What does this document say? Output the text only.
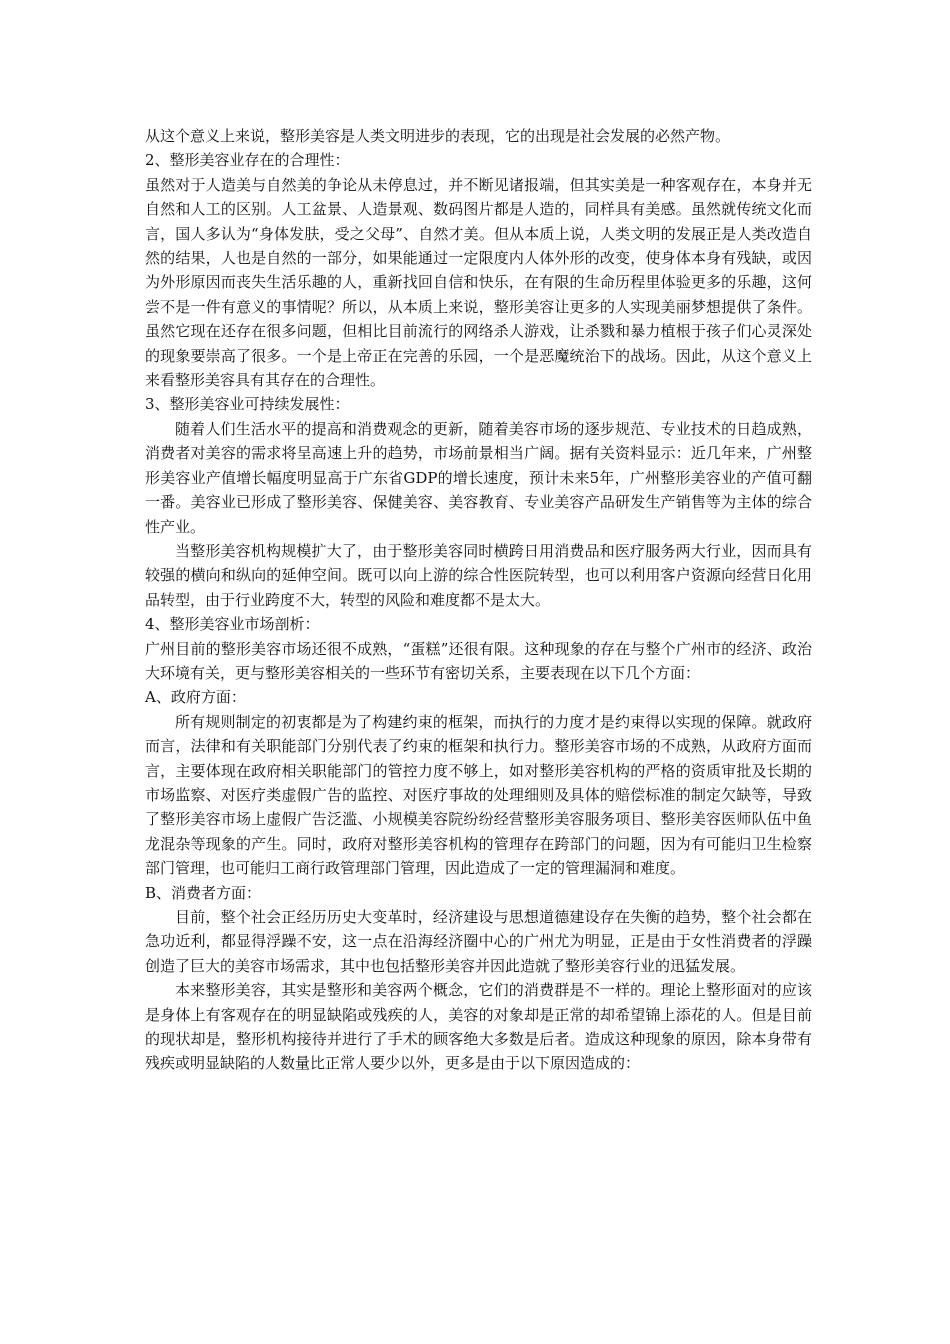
从这个意义上来说，整形美容是人类文明进步的表现，它的出现是社会发展的必然产物。

2、整形美容业存在的合理性：

虽然对于人造美与自然美的争论从未停息过，并不断见诸报端，但其实美是一种客观存在，本身并无自然和人工的区别。人工盆景、人造景观、数码图片都是人造的，同样具有美感。虽然就传统文化而言，国人多认为“身体发肤，受之父母”、自然才美。但从本质上说，人类文明的发展正是人类改造自然的结果，人也是自然的一部分，如果能通过一定限度内人体外形的改变，使身体本身有残缺，或因为外形原因而丧失生活乐趣的人，重新找回自信和快乐，在有限的生命历程里体验更多的乐趣，这何尝不是一件有意义的事情呢？所以，从本质上来说，整形美容让更多的人实现美丽梦想提供了条件。虽然它现在还存在很多问题，但相比目前流行的网络杀人游戏，让杀戮和暴力植根于孩子们心灵深处的现象要崇高了很多。一个是上帝正在完善的乐园，一个是恶魔统治下的战场。因此，从这个意义上来看整形美容具有其存在的合理性。

3、整形美容业可持续发展性：

随着人们生活水平的提高和消费观念的更新，随着美容市场的逐步规范、专业技术的日趋成熟，消费者对美容的需求将呈高速上升的趋势，市场前景相当广阔。据有关资料显示：近几年来，广州整形美容业产值增长幅度明显高于广东省GDP的增长速度，预计未来5年，广州整形美容业的产值可翻一番。美容业已形成了整形美容、保健美容、美容教育、专业美容产品研发生产销售等为主体的综合性产业。

当整形美容机构规模扩大了，由于整形美容同时横跨日用消费品和医疗服务两大行业，因而具有较强的横向和纵向的延伸空间。既可以向上游的综合性医院转型，也可以利用客户资源向经营日化用品转型，由于行业跨度不大，转型的风险和难度都不是太大。

4、整形美容业市场剖析：

广州目前的整形美容市场还很不成熟，“蛋糕”还很有限。这种现象的存在与整个广州市的经济、政治大环境有关，更与整形美容相关的一些环节有密切关系，主要表现在以下几个方面：

A、政府方面：

所有规则制定的初衷都是为了构建约束的框架，而执行的力度才是约束得以实现的保障。就政府而言，法律和有关职能部门分别代表了约束的框架和执行力。整形美容市场的不成熟，从政府方面而言，主要体现在政府相关职能部门的管控力度不够上，如对整形美容机构的严格的资质审批及长期的市场监察、对医疗类虚假广告的监控、对医疗事故的处理细则及具体的赔偿标准的制定欠缺等，导致了整形美容市场上虚假广告泛滥、小规模美容院纷纷经营整形美容服务项目、整形美容医师队伍中鱼龙混杂等现象的产生。同时，政府对整形美容机构的管理存在跨部门的问题，因为有可能归卫生检察部门管理，也可能归工商行政管理部门管理，因此造成了一定的管理漏洞和难度。

B、消费者方面：

目前，整个社会正经历历史大变革时，经济建设与思想道德建设存在失衡的趋势，整个社会都在急功近利，都显得浮躁不安，这一点在沿海经济圈中心的广州尤为明显，正是由于女性消费者的浮躁创造了巨大的美容市场需求，其中也包括整形美容并因此造就了整形美容行业的迅猛发展。

本来整形美容，其实是整形和美容两个概念，它们的消费群是不一样的。理论上整形面对的应该是身体上有客观存在的明显缺陷或残疾的人，美容的对象却是正常的却希望锦上添花的人。但是目前的现状却是，整形机构接待并进行了手术的顾客绝大多数是后者。造成这种现象的原因，除本身带有残疾或明显缺陷的人数量比正常人要少以外，更多是由于以下原因造成的：
